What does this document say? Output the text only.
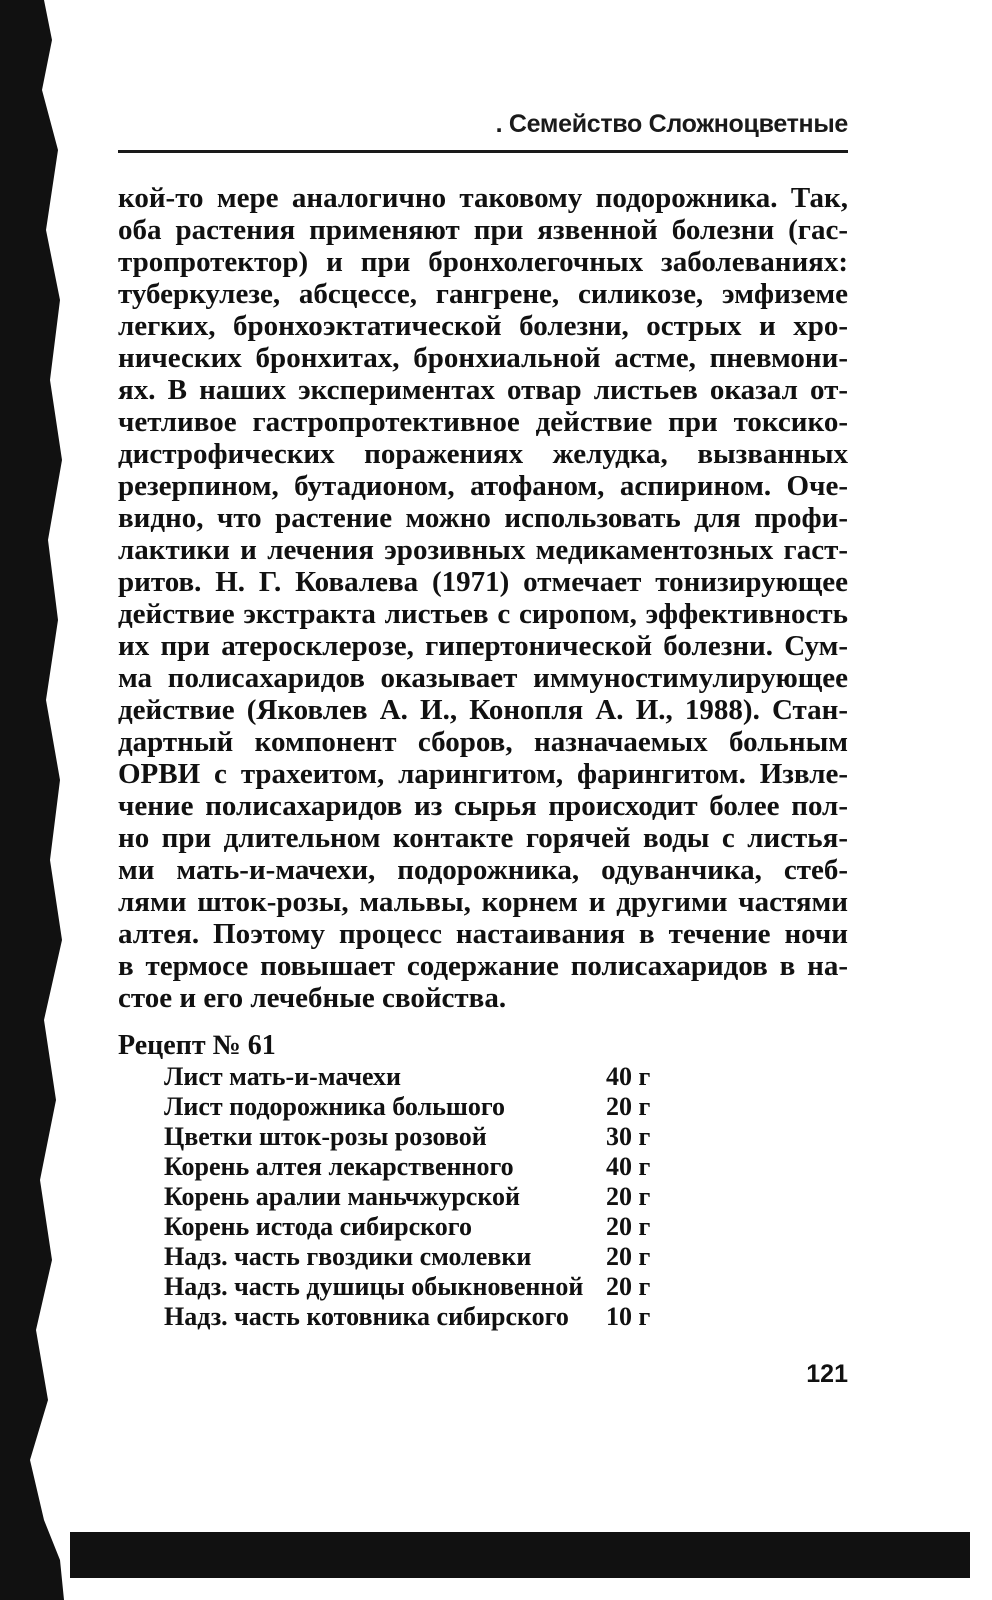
. Семейство Сложноцветные
кой-то мере аналогично таковому подорожника. Так,
оба растения применяют при язвенной болезни (гас-
тропротектор) и при бронхолегочных заболеваниях:
туберкулезе, абсцессе, гангрене, силикозе, эмфиземе
легких, бронхоэктатической болезни, острых и хро-
нических бронхитах, бронхиальной астме, пневмони-
ях. В наших экспериментах отвар листьев оказал от-
четливое гастропротективное действие при токсико-
дистрофических поражениях желудка, вызванных
резерпином, бутадионом, атофаном, аспирином. Оче-
видно, что растение можно использовать для профи-
лактики и лечения эрозивных медикаментозных гаст-
ритов. Н. Г. Ковалева (1971) отмечает тонизирующее
действие экстракта листьев с сиропом, эффективность
их при атеросклерозе, гипертонической болезни. Сум-
ма полисахаридов оказывает иммуностимулирующее
действие (Яковлев А. И., Конопля А. И., 1988). Стан-
дартный компонент сборов, назначаемых больным
ОРВИ с трахеитом, ларингитом, фарингитом. Извле-
чение полисахаридов из сырья происходит более пол-
но при длительном контакте горячей воды с листья-
ми мать-и-мачехи, подорожника, одуванчика, стеб-
лями шток-розы, мальвы, корнем и другими частями
алтея. Поэтому процесс настаивания в течение ночи
в термосе повышает содержание полисахаридов в на-
стое и его лечебные свойства.
Рецепт № 61
Лист мать-и-мачехи	40 г
Лист подорожника большого	20 г
Цветки шток-розы розовой	30 г
Корень алтея лекарственного	40 г
Корень аралии маньчжурской	20 г
Корень истода сибирского	20 г
Надз. часть гвоздики смолевки	20 г
Надз. часть душицы обыкновенной 20 г
Надз. часть котовника сибирского	10 г
121
